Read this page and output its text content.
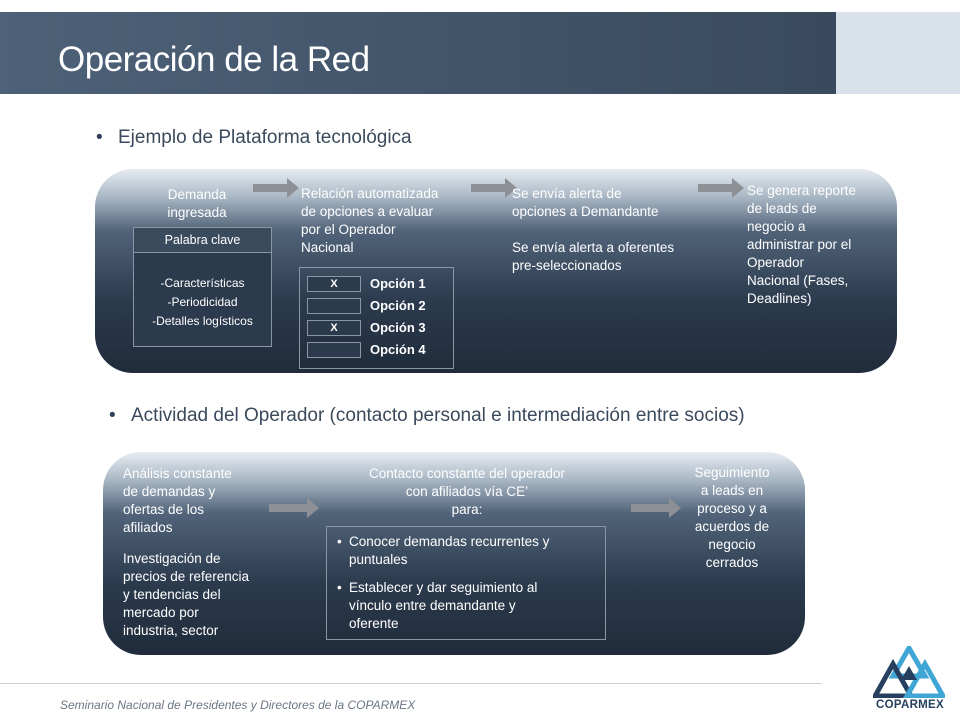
Operación de la Red
• Ejemplo de Plataforma tecnológica
Demanda
ingresada
Palabra clave
-Características
-Periodicidad
-Detalles logísticos
Relación automatizada
de opciones a evaluar
por el Operador
Nacional
X	Opción 1
Opción 2
X	Opción 3
Opción 4
Se envía alerta de
opciones a Demandante
Se envía alerta a oferentes
pre-seleccionados
Se genera reporte
de leads de
negocio a
administrar por el
Operador
Nacional (Fases,
Deadlines)
• Actividad del Operador (contacto personal e intermediación entre socios)
Análisis constante
de demandas y
ofertas de los
afiliados
Investigación de
precios de referencia
y tendencias del
mercado por
industria, sector
Contacto constante del operador
con afiliados vía CE’
para:
• Conocer demandas recurrentes y
puntuales
• Establecer y dar seguimiento al
vínculo entre demandante y
oferente
Seguimiento
a leads en
proceso y a
acuerdos de
negocio
cerrados
Seminario Nacional de Presidentes y Directores de la COPARMEX	COPARMEX
